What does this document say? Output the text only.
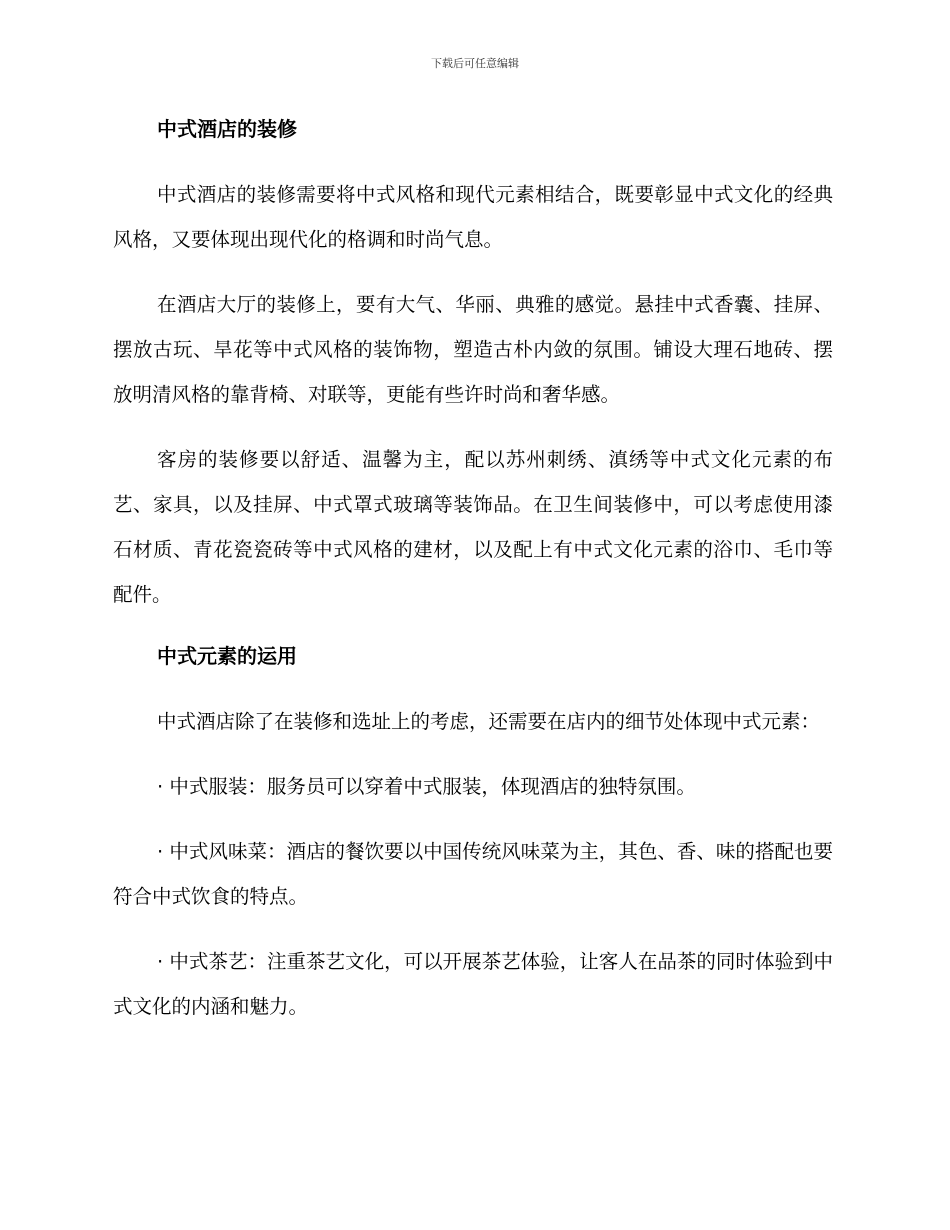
下载后可任意编辑
中式酒店的装修

中式酒店的装修需要将中式风格和现代元素相结合，既要彰显中式文化的经典风格，又要体现出现代化的格调和时尚气息。

在酒店大厅的装修上，要有大气、华丽、典雅的感觉。悬挂中式香囊、挂屏、摆放古玩、旱花等中式风格的装饰物，塑造古朴内敛的氛围。铺设大理石地砖、摆放明清风格的靠背椅、对联等，更能有些许时尚和奢华感。

客房的装修要以舒适、温馨为主，配以苏州刺绣、滇绣等中式文化元素的布艺、家具，以及挂屏、中式罩式玻璃等装饰品。在卫生间装修中，可以考虑使用漆石材质、青花瓷瓷砖等中式风格的建材，以及配上有中式文化元素的浴巾、毛巾等配件。

中式元素的运用

中式酒店除了在装修和选址上的考虑，还需要在店内的细节处体现中式元素：

· 中式服装：服务员可以穿着中式服装，体现酒店的独特氛围。

· 中式风味菜：酒店的餐饮要以中国传统风味菜为主，其色、香、味的搭配也要符合中式饮食的特点。

· 中式茶艺：注重茶艺文化，可以开展茶艺体验，让客人在品茶的同时体验到中式文化的内涵和魅力。
